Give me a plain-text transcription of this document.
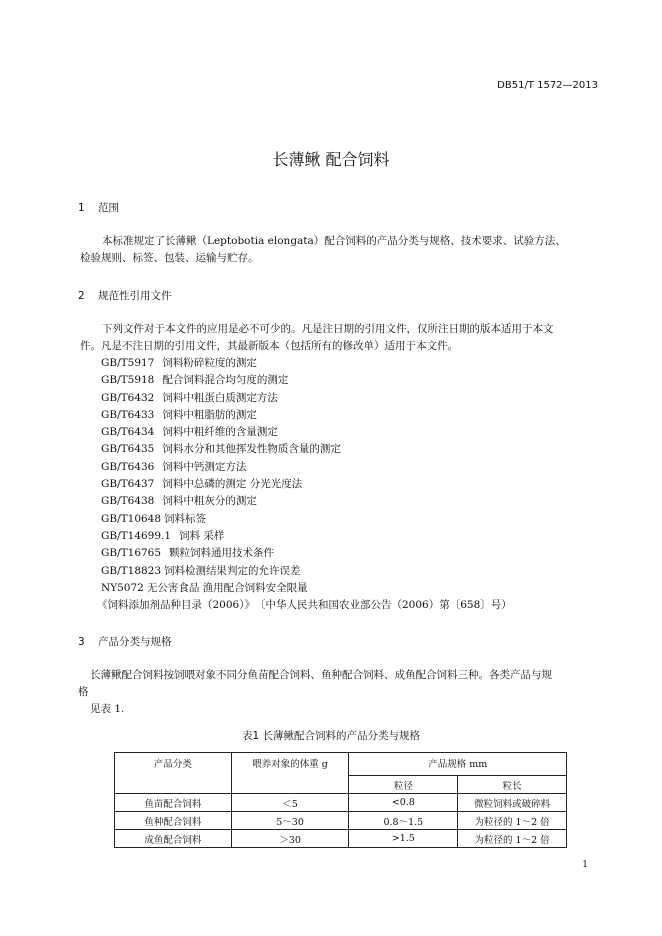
DB51/T 1572—2013
长薄鳅 配合饲料
1 范围
本标准规定了长薄鳅（Leptobotia elongata）配合饲料的产品分类与规格、技术要求、试验方法、
检验规则、标签、包装、运输与贮存。
2 规范性引用文件
下列文件对于本文件的应用是必不可少的。凡是注日期的引用文件，仅所注日期的版本适用于本文
件。凡是不注日期的引用文件，其最新版本（包括所有的修改单）适用于本文件。
GB/T5917 饲料粉碎粒度的测定
GB/T5918 配合饲料混合均匀度的测定
GB/T6432 饲料中粗蛋白质测定方法
GB/T6433 饲料中粗脂肪的测定
GB/T6434 饲料中粗纤维的含量测定
GB/T6435 饲料水分和其他挥发性物质含量的测定
GB/T6436 饲料中钙测定方法
GB/T6437 饲料中总磷的测定 分光光度法
GB/T6438 饲料中粗灰分的测定
GB/T10648 饲料标签
GB/T14699.1 饲料 采样
GB/T16765 颗粒饲料通用技术条件
GB/T18823 饲料检测结果判定的允许误差
NY5072 无公害食品 渔用配合饲料安全限量
《饲料添加剂品种目录（2006）》〔中华人民共和国农业部公告（2006）第〔658〕号）
3 产品分类与规格
长薄鳅配合饲料按饲喂对象不同分鱼苗配合饲料、鱼种配合饲料、成鱼配合饲料三种。各类产品与规
格
见表 1.
表1 长薄鳅配合饲料的产品分类与规格
产品分类	喂养对象的体重 g	产品规格 mm	
		粒径	粒长
鱼苗配合饲料	＜5	<0.8	微粒饲料或破碎料
鱼种配合饲料	5～30	0.8～1.5	为粒径的 1～2 倍
成鱼配合饲料	＞30	>1.5	为粒径的 1～2 倍
1
